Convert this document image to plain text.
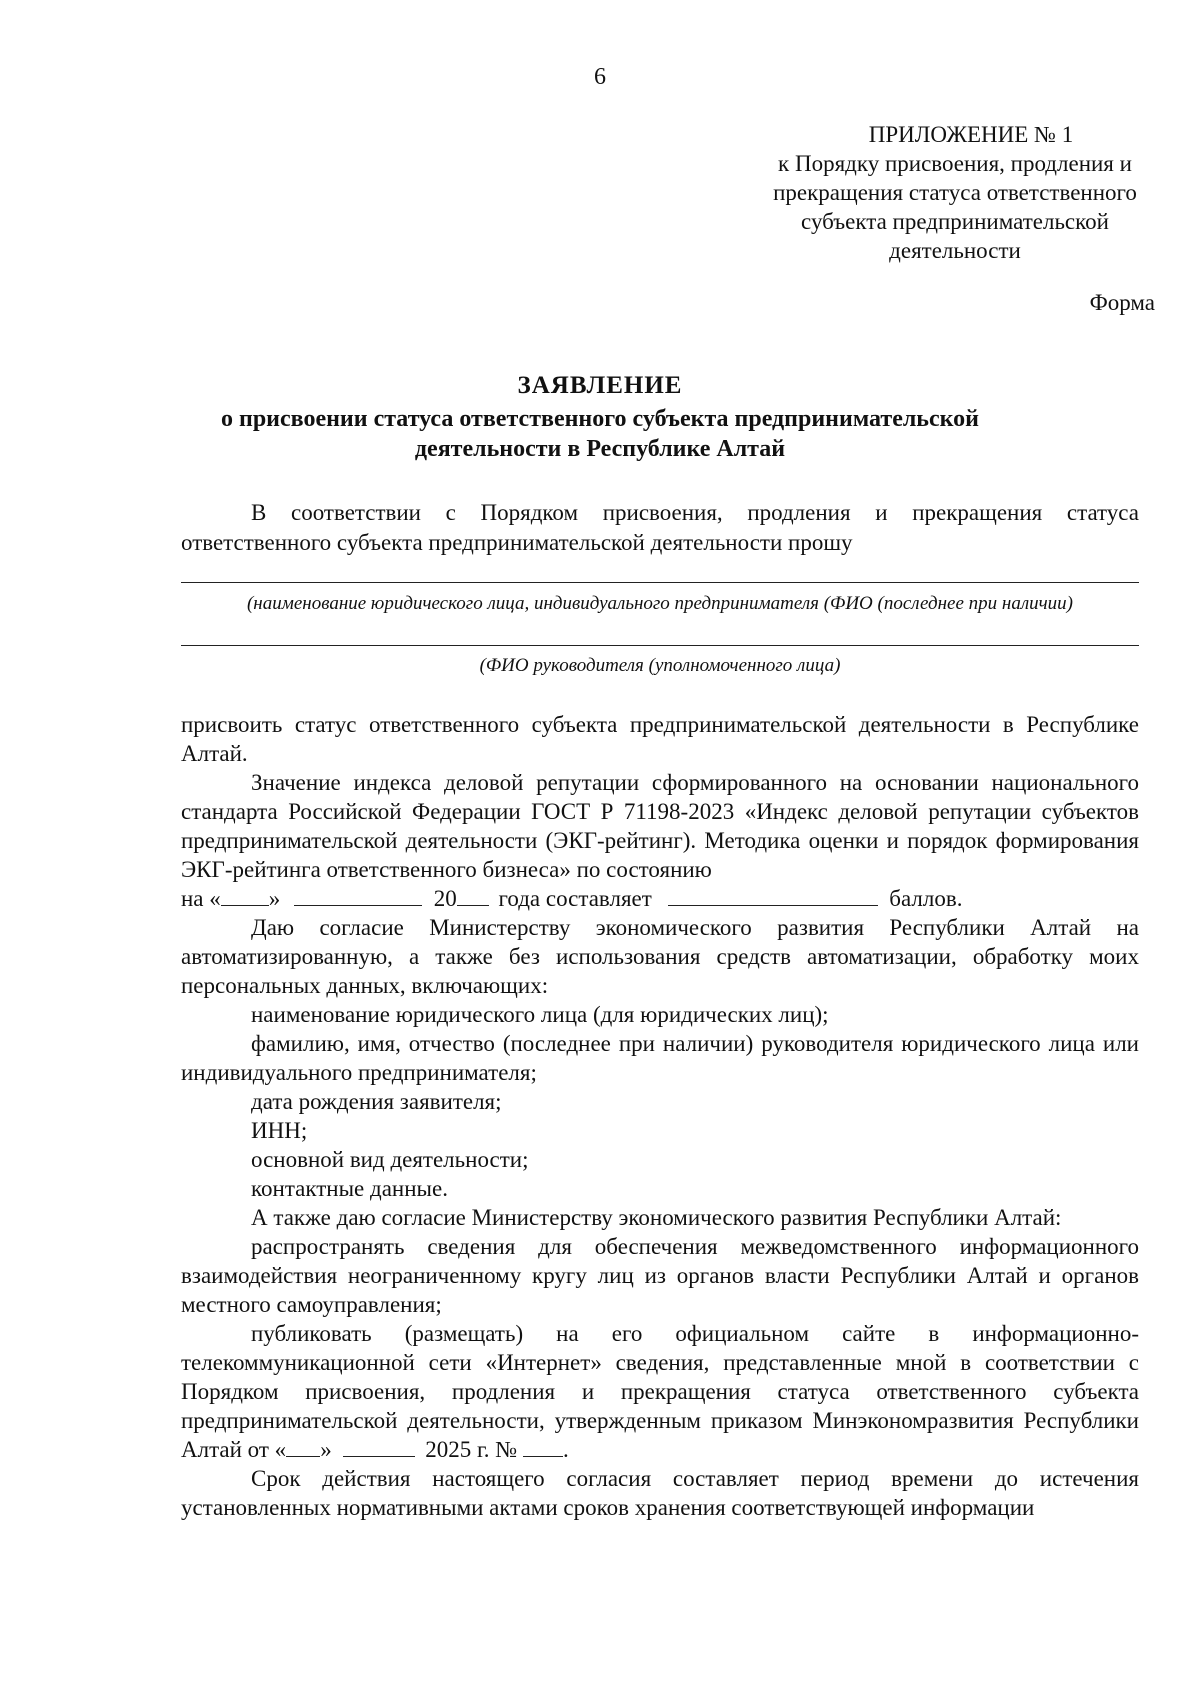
6
ПРИЛОЖЕНИЕ № 1
к Порядку присвоения, продления и
прекращения статуса ответственного
субъекта предпринимательской
деятельности
Форма
ЗАЯВЛЕНИЕ
о присвоении статуса ответственного субъекта предпринимательской
деятельности в Республике Алтай
В соответствии с Порядком присвоения, продления и прекращения статуса ответственного субъекта предпринимательской деятельности прошу
(наименование юридического лица, индивидуального предпринимателя (ФИО (последнее при наличии)
(ФИО руководителя (уполномоченного лица)

присвоить статус ответственного субъекта предпринимательской деятельности в Республике Алтай.

Значение индекса деловой репутации сформированного на основании национального стандарта Российской Федерации ГОСТ Р 71198-2023 «Индекс деловой репутации субъектов предпринимательской деятельности (ЭКГ-рейтинг). Методика оценки и порядок формирования ЭКГ-рейтинга ответственного бизнеса» по состоянию

на « »	20 года составляет	баллов.

Даю согласие Министерству экономического развития Республики Алтай на автоматизированную, а также без использования средств автоматизации, обработку моих персональных данных, включающих:

наименование юридического лица (для юридических лиц);

фамилию, имя, отчество (последнее при наличии) руководителя юридического лица или индивидуального предпринимателя;

дата рождения заявителя;

ИНН;

основной вид деятельности;

контактные данные.

А также даю согласие Министерству экономического развития Республики Алтай:

распространять сведения для обеспечения межведомственного информационного взаимодействия неограниченному кругу лиц из органов власти Республики Алтай и органов местного самоуправления;

публиковать (размещать) на его официальном сайте в информационно-телекоммуникационной сети «Интернет» сведения, представленные мной в соответствии с Порядком присвоения, продления и прекращения статуса ответственного субъекта предпринимательской деятельности, утвержденным приказом Минэкономразвития Республики Алтай от « »	2025 г. № .

Срок действия настоящего согласия составляет период времени до истечения установленных нормативными актами сроков хранения соответствующей информации
